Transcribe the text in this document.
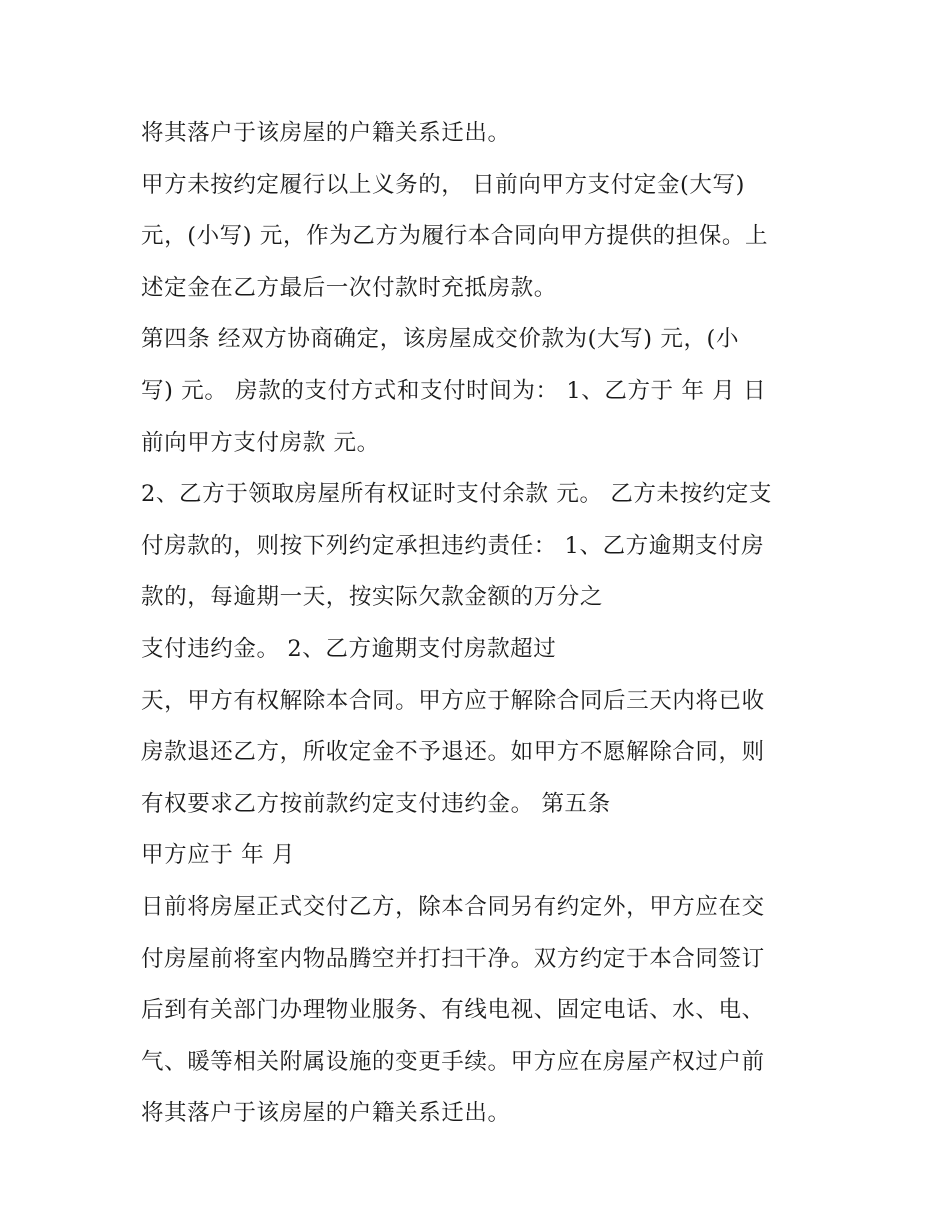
将其落户于该房屋的户籍关系迁出。
甲方未按约定履行以上义务的， 日前向甲方支付定金(大写)
元，(小写) 元，作为乙方为履行本合同向甲方提供的担保。上
述定金在乙方最后一次付款时充抵房款。
第四条 经双方协商确定，该房屋成交价款为(大写) 元，(小
写) 元。 房款的支付方式和支付时间为： 1、乙方于 年 月 日
前向甲方支付房款 元。
2、乙方于领取房屋所有权证时支付余款 元。 乙方未按约定支
付房款的，则按下列约定承担违约责任： 1、乙方逾期支付房
款的，每逾期一天，按实际欠款金额的万分之
支付违约金。 2、乙方逾期支付房款超过
天，甲方有权解除本合同。甲方应于解除合同后三天内将已收
房款退还乙方，所收定金不予退还。如甲方不愿解除合同，则
有权要求乙方按前款约定支付违约金。 第五条
甲方应于 年 月
日前将房屋正式交付乙方，除本合同另有约定外，甲方应在交
付房屋前将室内物品腾空并打扫干净。双方约定于本合同签订
后到有关部门办理物业服务、有线电视、固定电话、水、电、
气、暖等相关附属设施的变更手续。甲方应在房屋产权过户前
将其落户于该房屋的户籍关系迁出。
